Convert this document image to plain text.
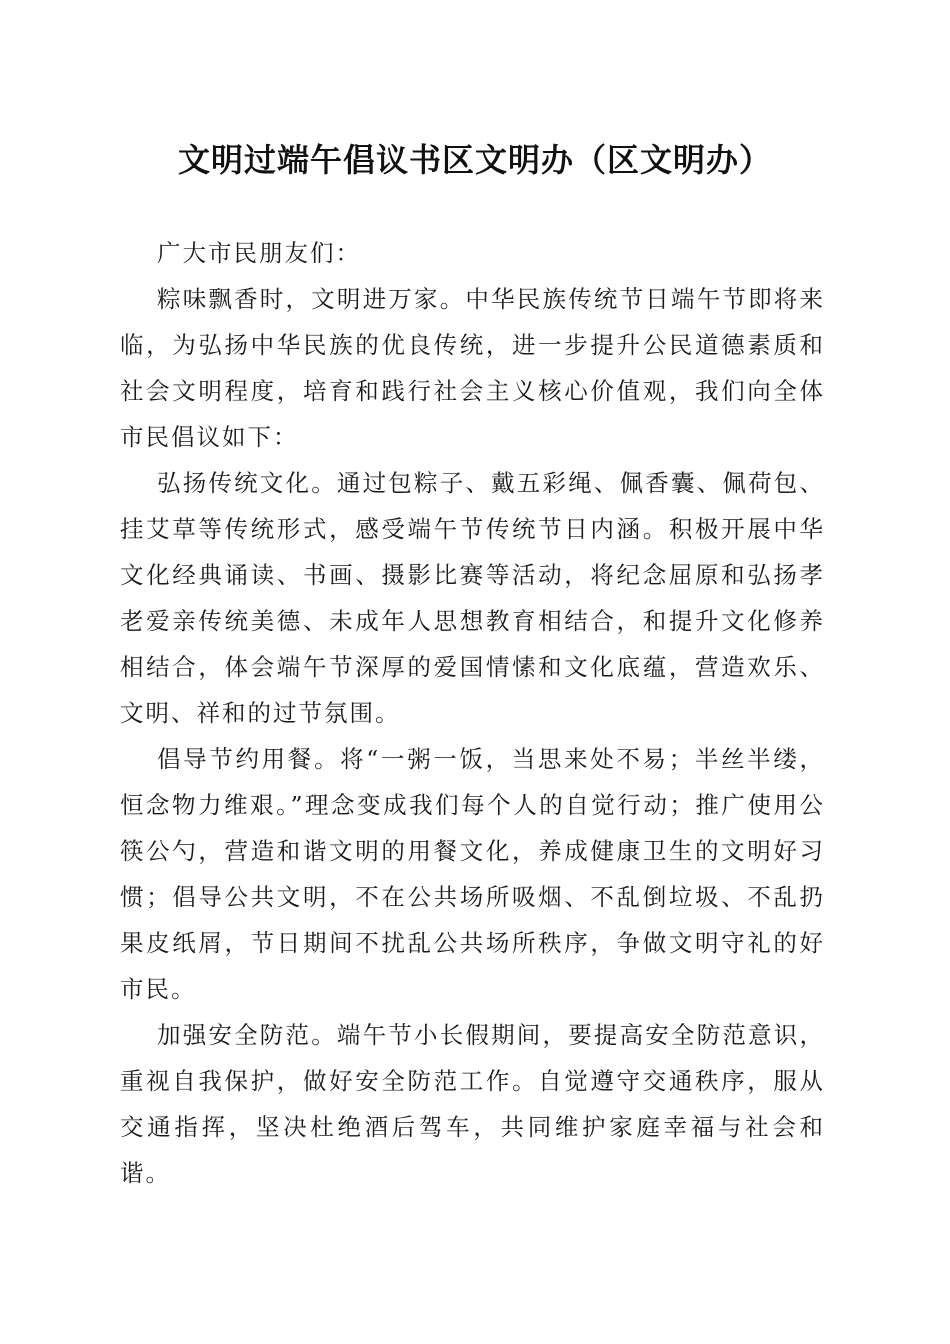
文明过端午倡议书区文明办（区文明办）

广大市民朋友们：

粽味飘香时，文明进万家。中华民族传统节日端午节即将来临，为弘扬中华民族的优良传统，进一步提升公民道德素质和社会文明程度，培育和践行社会主义核心价值观，我们向全体市民倡议如下：

弘扬传统文化。通过包粽子、戴五彩绳、佩香囊、佩荷包、挂艾草等传统形式，感受端午节传统节日内涵。积极开展中华文化经典诵读、书画、摄影比赛等活动，将纪念屈原和弘扬孝老爱亲传统美德、未成年人思想教育相结合，和提升文化修养相结合，体会端午节深厚的爱国情愫和文化底蕴，营造欢乐、文明、祥和的过节氛围。

倡导节约用餐。将“一粥一饭，当思来处不易；半丝半缕，恒念物力维艰。”理念变成我们每个人的自觉行动；推广使用公筷公勺，营造和谐文明的用餐文化，养成健康卫生的文明好习惯；倡导公共文明，不在公共场所吸烟、不乱倒垃圾、不乱扔果皮纸屑，节日期间不扰乱公共场所秩序，争做文明守礼的好市民。

加强安全防范。端午节小长假期间，要提高安全防范意识，重视自我保护，做好安全防范工作。自觉遵守交通秩序，服从交通指挥，坚决杜绝酒后驾车，共同维护家庭幸福与社会和谐。
